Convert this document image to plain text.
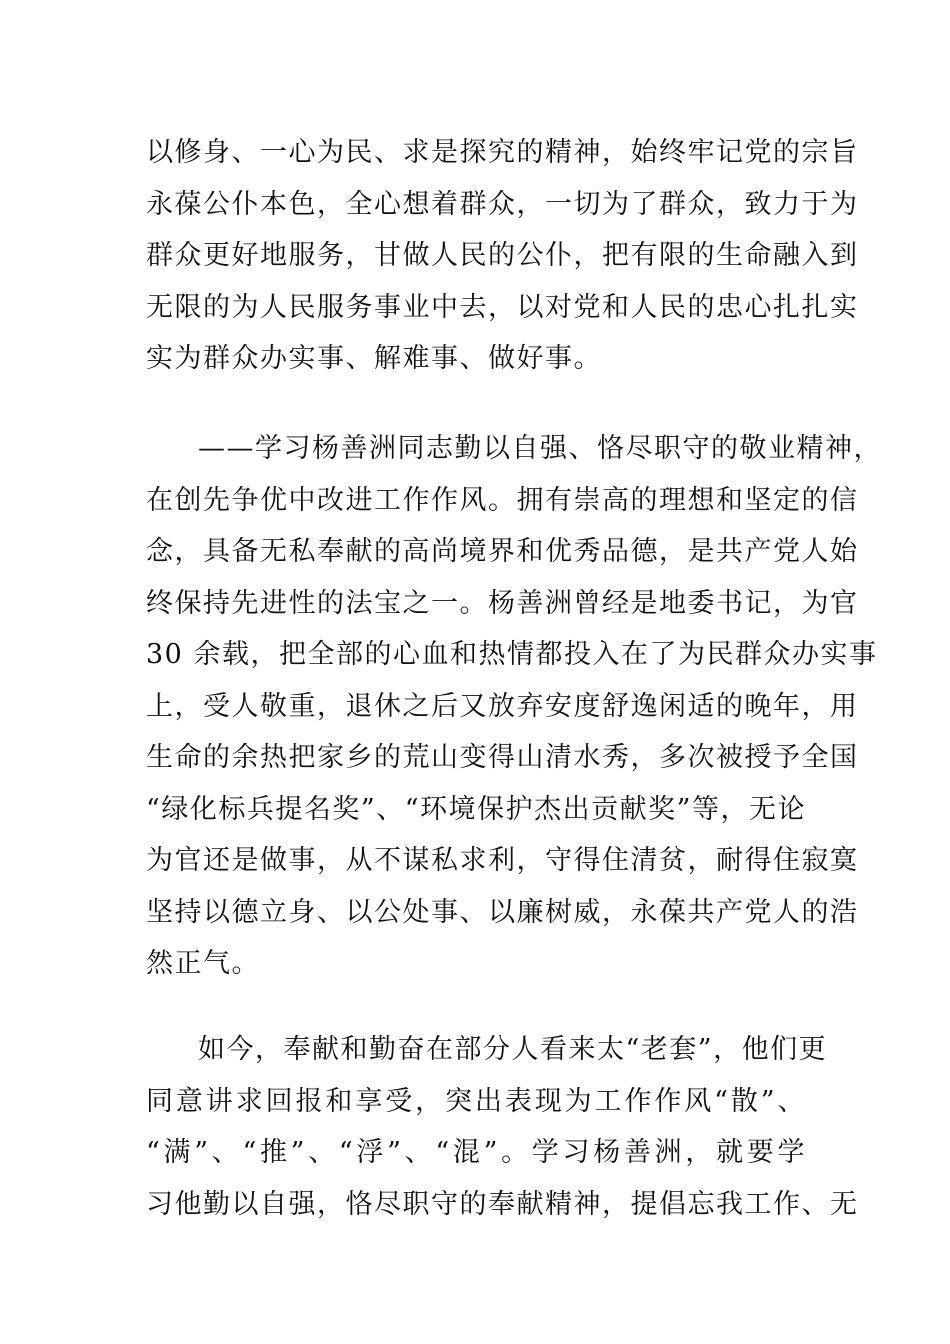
以修身、一心为民、求是探究的精神，始终牢记党的宗旨
永葆公仆本色，全心想着群众，一切为了群众，致力于为
群众更好地服务，甘做人民的公仆，把有限的生命融入到
无限的为人民服务事业中去，以对党和人民的忠心扎扎实
实为群众办实事、解难事、做好事。
——学习杨善洲同志勤以自强、恪尽职守的敬业精神，
在创先争优中改进工作作风。拥有崇高的理想和坚定的信
念，具备无私奉献的高尚境界和优秀品德，是共产党人始
终保持先进性的法宝之一。杨善洲曾经是地委书记，为官
30 余载，把全部的心血和热情都投入在了为民群众办实事
上，受人敬重，退休之后又放弃安度舒逸闲适的晚年，用
生命的余热把家乡的荒山变得山清水秀，多次被授予全国
“绿化标兵提名奖”、“环境保护杰出贡献奖”等，无论
为官还是做事，从不谋私求利，守得住清贫，耐得住寂寞
坚持以德立身、以公处事、以廉树威，永葆共产党人的浩
然正气。
如今，奉献和勤奋在部分人看来太“老套”，他们更
同意讲求回报和享受，突出表现为工作作风“散”、
“满”、“推”、“浮”、“混”。学习杨善洲，就要学
习他勤以自强，恪尽职守的奉献精神，提倡忘我工作、无
